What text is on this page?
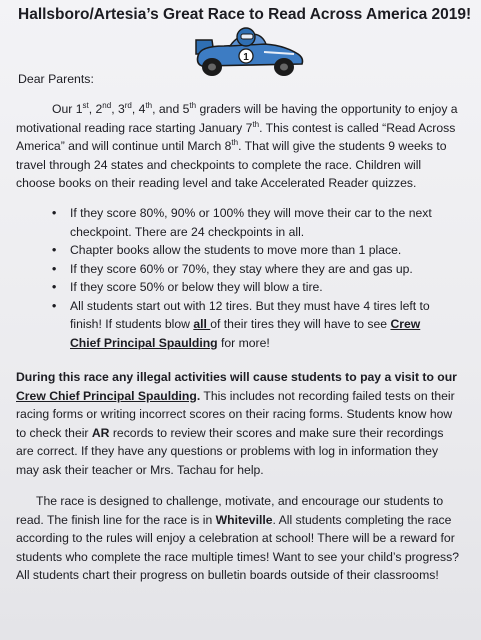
Hallsboro/Artesia’s Great Race to Read Across America 2019!
1
Dear Parents:
Our 1st, 2nd, 3rd, 4th, and 5th graders will be having the opportunity to enjoy a motivational reading race starting January 7th. This contest is called “Read Across America” and will continue until March 8th. That will give the students 9 weeks to travel through 24 states and checkpoints to complete the race. Children will choose books on their reading level and take Accelerated Reader quizzes.
• If they score 80%, 90% or 100% they will move their car to the next checkpoint. There are 24 checkpoints in all.
• Chapter books allow the students to move more than 1 place.
• If they score 60% or 70%, they stay where they are and gas up.
• If they score 50% or below they will blow a tire.
• All students start out with 12 tires. But they must have 4 tires left to finish! If students blow all of their tires they will have to see Crew Chief Principal Spaulding for more!
During this race any illegal activities will cause students to pay a visit to our Crew Chief Principal Spaulding. This includes not recording failed tests on their racing forms or writing incorrect scores on their racing forms. Students know how to check their AR records to review their scores and make sure their recordings are correct. If they have any questions or problems with log in information they may ask their teacher or Mrs. Tachau for help.
The race is designed to challenge, motivate, and encourage our students to read. The finish line for the race is in Whiteville. All students completing the race according to the rules will enjoy a celebration at school! There will be a reward for students who complete the race multiple times! Want to see your child’s progress? All students chart their progress on bulletin boards outside of their classrooms!
